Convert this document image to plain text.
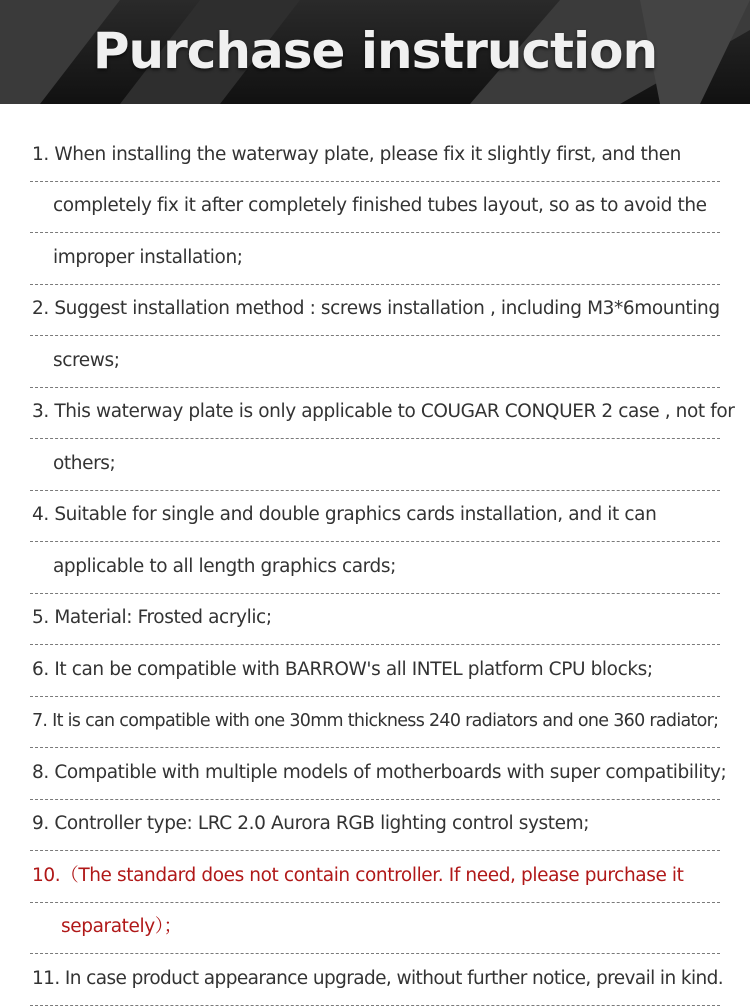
Purchase instruction
1. When installing the waterway plate, please fix it slightly first, and then
completely fix it after completely finished tubes layout, so as to avoid the
improper installation;
2. Suggest installation method : screws installation , including M3*6mounting
screws;
3. This waterway plate is only applicable to COUGAR CONQUER 2 case , not for
others;
4. Suitable for single and double graphics cards installation, and it can
applicable to all length graphics cards;
5. Material: Frosted acrylic;
6. It can be compatible with BARROW's all INTEL platform CPU blocks;
7. It is can compatible with one 30mm thickness 240 radiators and one 360 radiator;
8. Compatible with multiple models of motherboards with super compatibility;
9. Controller type: LRC 2.0 Aurora RGB lighting control system;
10.（The standard does not contain controller. If need, please purchase it
separately）；
11. In case product appearance upgrade, without further notice, prevail in kind.
